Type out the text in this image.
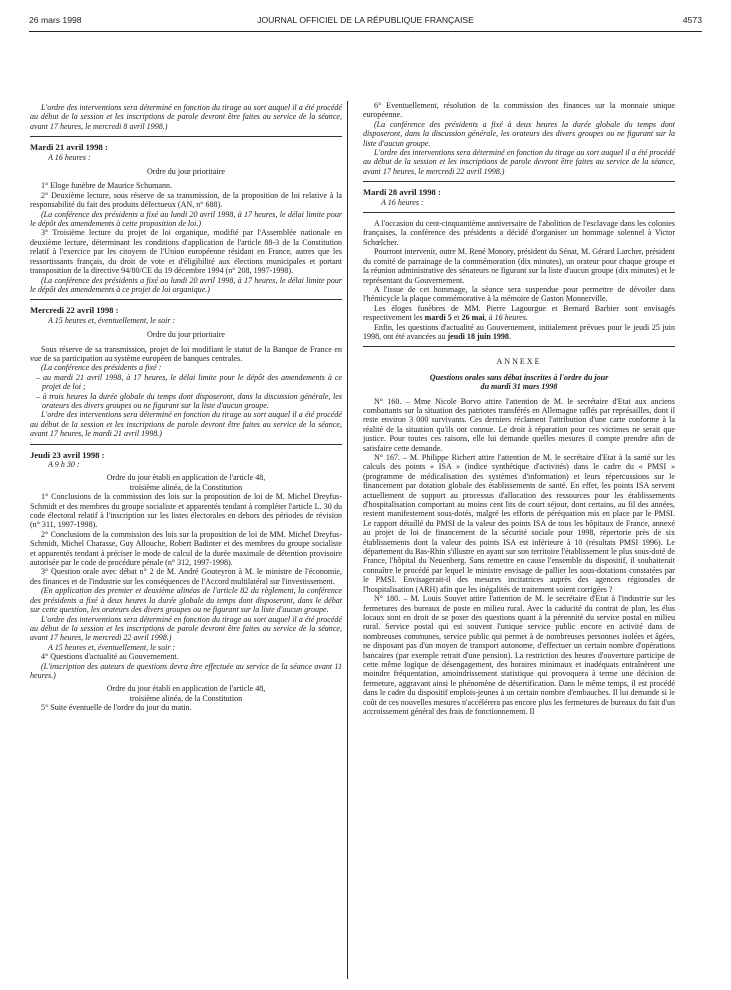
26 mars 1998	JOURNAL OFFICIEL DE LA RÉPUBLIQUE FRANÇAISE	4573

L'ordre des interventions sera déterminé en fonction du tirage au sort auquel il a été procédé au début de la session et les inscriptions de parole devront être faites au service de la séance, avant 17 heures, le mercredi 8 avril 1998.)

Mardi 21 avril 1998 :

A 16 heures :

Ordre du jour prioritaire

1° Eloge funèbre de Maurice Schumann.

2° Deuxième lecture, sous réserve de sa transmission, de la proposition de loi relative à la responsabilité du fait des produits défectueux (AN, n° 688).

(La conférence des présidents a fixé au lundi 20 avril 1998, à 17 heures, le délai limite pour le dépôt des amendements à cette proposition de loi.)

3° Troisième lecture du projet de loi organique, modifié par l'Assemblée nationale en deuxième lecture, déterminant les conditions d'application de l'article 88-3 de la Constitution relatif à l'exercice par les citoyens de l'Union européenne résidant en France, autres que les ressortissants français, du droit de vote et d'éligibilité aux élections municipales et portant transposition de la directive 94/80/CE du 19 décembre 1994 (n° 208, 1997-1998).

(La conférence des présidents a fixé au lundi 20 avril 1998, à 17 heures, le délai limite pour le dépôt des amendements à ce projet de loi organique.)

Mercredi 22 avril 1998 :

A 15 heures et, éventuellement, le soir :

Ordre du jour prioritaire

Sous réserve de sa transmission, projet de loi modifiant le statut de la Banque de France en vue de sa participation au système européen de banques centrales.

(La conférence des présidents a fixé :

– au mardi 21 avril 1998, à 17 heures, le délai limite pour le dépôt des amendements à ce projet de loi ;

– à trois heures la durée globale du temps dont disposeront, dans la discussion générale, les orateurs des divers groupes ou ne figurant sur la liste d'aucun groupe.

L'ordre des interventions sera déterminé en fonction du tirage au sort auquel il a été procédé au début de la session et les inscriptions de parole devront être faites au service de la séance, avant 17 heures, le mardi 21 avril 1998.)

Jeudi 23 avril 1998 :

A 9 h 30 :

Ordre du jour établi en application de l'article 48,

troisième alinéa, de la Constitution

1° Conclusions de la commission des lois sur la proposition de loi de M. Michel Dreyfus-Schmidt et des membres du groupe socialiste et apparentés tendant à compléter l'article L. 30 du code électoral relatif à l'inscription sur les listes électorales en dehors des périodes de révision (n° 311, 1997-1998).

2° Conclusions de la commission des lois sur la proposition de loi de MM. Michel Dreyfus-Schmidt, Michel Charasse, Guy Allouche, Robert Badinter et des membres du groupe socialiste et apparentés tendant à préciser le mode de calcul de la durée maximale de détention provisoire autorisée par le code de procédure pénale (n° 312, 1997-1998).

3° Question orale avec débat n° 2 de M. André Gouteyron à M. le ministre de l'économie, des finances et de l'industrie sur les conséquences de l'Accord multilatéral sur l'investissement.

(En application des premier et deuxième alinéas de l'article 82 du règlement, la conférence des présidents a fixé à deux heures la durée globale du temps dont disposeront, dans le débat sur cette question, les orateurs des divers groupes ou ne figurant sur la liste d'aucun groupe.

L'ordre des interventions sera déterminé en fonction du tirage au sort auquel il a été procédé au début de la session et les inscriptions de parole devront être faites au service de la séance, avant 17 heures, le mercredi 22 avril 1998.)

A 15 heures et, éventuellement, le soir :

4° Questions d'actualité au Gouvernement.

(L'inscription des auteurs de questions devra être effectuée au service de la séance avant 11 heures.)

Ordre du jour établi en application de l'article 48,

troisième alinéa, de la Constitution

5° Suite éventuelle de l'ordre du jour du matin.

6° Eventuellement, résolution de la commission des finances sur la monnaie unique européenne.

(La conférence des présidents a fixé à deux heures la durée globale du temps dont disposeront, dans la discussion générale, les orateurs des divers groupes ou ne figurant sur la liste d'aucun groupe.

L'ordre des interventions sera déterminé en fonction du tirage au sort auquel il a été procédé au début de la session et les inscriptions de parole devront être faites au service de la séance, avant 17 heures, le mercredi 22 avril 1998.)

Mardi 28 avril 1998 :

A 16 heures :

A l'occasion du cent-cinquantième anniversaire de l'abolition de l'esclavage dans les colonies françaises, la conférence des présidents a décidé d'organiser un hommage solennel à Victor Schœlcher.

Pourront intervenir, outre M. René Monory, président du Sénat, M. Gérard Larcher, président du comité de parrainage de la commémoration (dix minutes), un orateur pour chaque groupe et la réunion administrative des sénateurs ne figurant sur la liste d'aucun groupe (dix minutes) et le représentant du Gouvernement.

A l'issue de cet hommage, la séance sera suspendue pour permettre de dévoiler dans l'hémicycle la plaque commémorative à la mémoire de Gaston Monnerville.

Les éloges funèbres de MM. Pierre Lagourgue et Bernard Barbier sont envisagés respectivement les mardi 5 et 26 mai, à 16 heures.

Enfin, les questions d'actualité au Gouvernement, initialement prévues pour le jeudi 25 juin 1998, ont été avancées au jeudi 18 juin 1998.

ANNEXE

Questions orales sans débat inscrites à l'ordre du jour
du mardi 31 mars 1998

N° 160. – Mme Nicole Borvo attire l'attention de M. le secrétaire d'Etat aux anciens combattants sur la situation des patriotes transférés en Allemagne raflés par représailles, dont il reste environ 3 000 survivants. Ces derniers réclament l'attribution d'une carte conforme à la réalité de la situation qu'ils ont connue. Le droit à réparation pour ces victimes ne serait que justice. Pour toutes ces raisons, elle lui demande quelles mesures il compte prendre afin de satisfaire cette demande.

N° 167. – M. Philippe Richert attire l'attention de M. le secrétaire d'Etat à la santé sur les calculs des points « ISA » (indice synthétique d'activités) dans le cadre du « PMSI » (programme de médicalisation des systèmes d'information) et leurs répercussions sur le financement par dotation globale des établissements de santé. En effet, les points ISA servent actuellement de support au processus d'allocation des ressources pour les établissements d'hospitalisation comportant au moins cent lits de court séjour, dont certains, au fil des années, restent manifestement sous-dotés, malgré les efforts de péréquation mis en place par le PMSI. Le rapport détaillé du PMSI de la valeur des points ISA de tous les hôpitaux de France, annexé au projet de loi de financement de la sécurité sociale pour 1998, répertorie près de six établissements dont la valeur des points ISA est inférieure à 10 (résultats PMSI 1996). Le département du Bas-Rhin s'illustre en ayant sur son territoire l'établissement le plus sous-doté de France, l'hôpital du Neuenberg. Sans remettre en cause l'ensemble du dispositif, il souhaiterait connaître le procédé par lequel le ministre envisage de pallier les sous-dotations constatées par le PMSI. Envisagerait-il des mesures incitatrices auprès des agences régionales de l'hospitalisation (ARH) afin que les inégalités de traitement soient corrigées ?

N° 180. – M. Louis Souvet attire l'attention de M. le secrétaire d'Etat à l'industrie sur les fermetures des bureaux de poste en milieu rural. Avec la caducité du contrat de plan, les élus locaux sont en droit de se poser des questions quant à la pérennité du service postal en milieu rural. Service postal qui est souvent l'unique service public encore en activité dans de nombreuses communes, service public qui permet à de nombreuses personnes isolées et âgées, ne disposant pas d'un moyen de transport autonome, d'effectuer un certain nombre d'opérations bancaires (par exemple retrait d'une pension). La restriction des heures d'ouverture participe de cette même logique de désengagement, des horaires minimaux et inadéquats entraînèrent une moindre fréquentation, amoindrissement statistique qui provoquera à terme une décision de fermeture, aggravant ainsi le phénomène de désertification. Dans le même temps, il est procédé dans le cadre du dispositif emplois-jeunes à un certain nombre d'embauches. Il lui demande si le coût de ces nouvelles mesures n'accélérera pas encore plus les fermetures de bureaux du fait d'un accroissement général des frais de fonctionnement. Il
